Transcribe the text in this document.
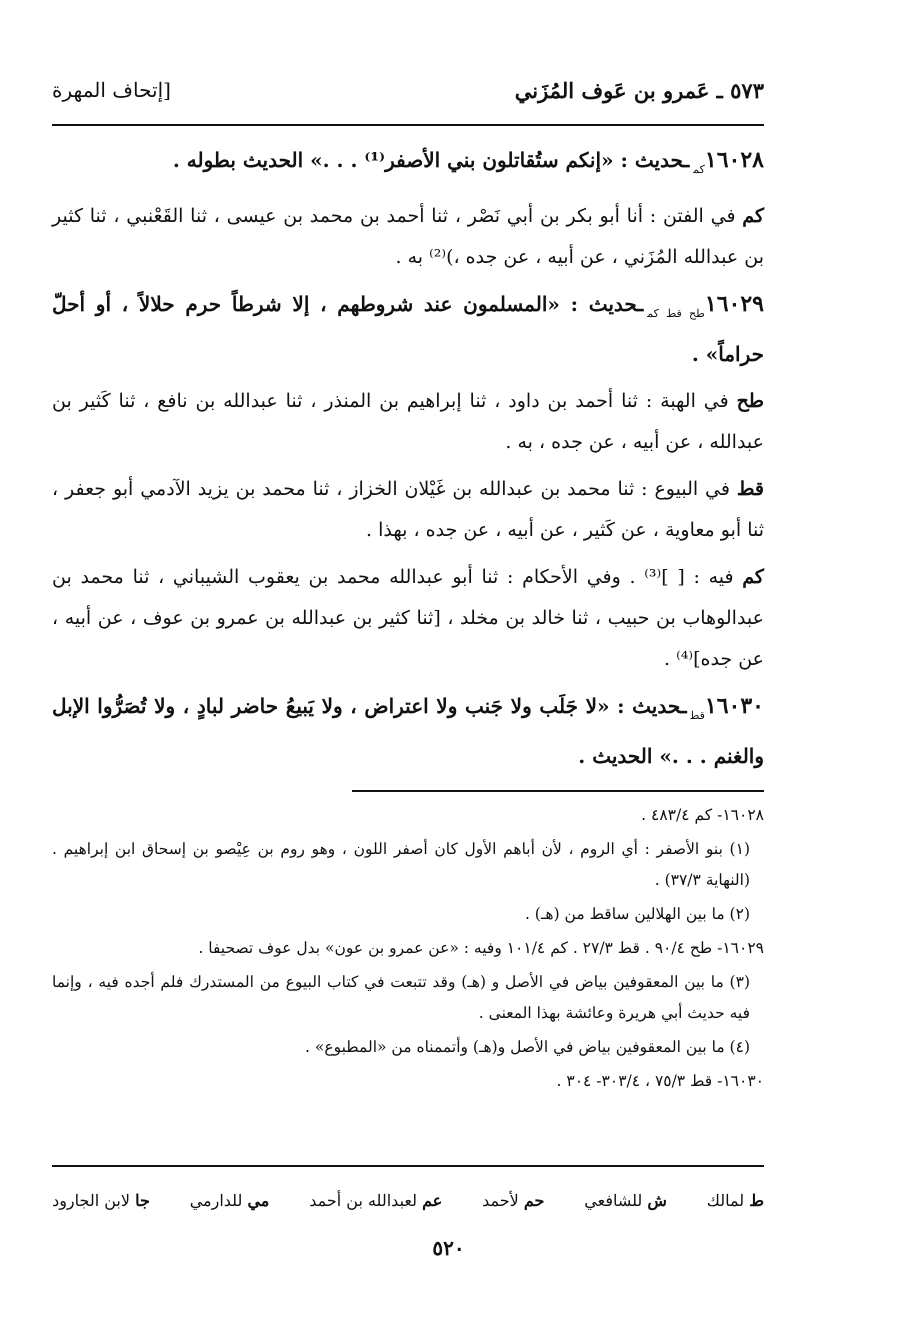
٥٧٣ ـ عَمرو بن عَوف المُزَني
[إتحاف المهرة

$١٦٠٢٨_{كم}ـحديث$ : «إنكم ستُقاتلون بني الأصفر⁽¹⁾ . . .» الحديث بطوله .

كم في الفتن : أنا أبو بكر بن أبي نَصْر ، ثنا أحمد بن محمد بن عيسى ، ثنا القَعْنبي ، ثنا كثير بن عبدالله المُزَني ، عن أبيه ، عن جده ،)⁽²⁾ به .

$١٦٠٢٩_{طح قط كم}ـحديث$ : «المسلمون عند شروطهم ، إلا شرطاً حرم حلالاً ، أو أحلّ حراماً» .

طح في الهبة : ثنا أحمد بن داود ، ثنا إبراهيم بن المنذر ، ثنا عبدالله بن نافع ، ثنا كَثير بن عبدالله ، عن أبيه ، عن جده ، به .

قط في البيوع : ثنا محمد بن عبدالله بن غَيْلان الخزاز ، ثنا محمد بن يزيد الآدمي أبو جعفر ، ثنا أبو معاوية ، عن كَثير ، عن أبيه ، عن جده ، بهذا .

كم فيه : [ ]⁽³⁾ . وفي الأحكام : ثنا أبو عبدالله محمد بن يعقوب الشيباني ، ثنا محمد بن عبدالوهاب بن حبيب ، ثنا خالد بن مخلد ، [ثنا كثير بن عبدالله بن عمرو بن عوف ، عن أبيه ، عن جده]⁽⁴⁾ .

$١٦٠٣٠_{قط}ـحديث$ : «لا جَلَب ولا جَنب ولا اعتراض ، ولا يَبيعُ حاضر لبادٍ ، ولا تُصَرُّوا الإبل والغنم . . .» الحديث .

١٦٠٢٨- كم ٤٨٣/٤ .

(١) بنو الأصفر : أي الروم ، لأن أباهم الأول كان أصفر اللون ، وهو روم بن عِيْصو بن إسحاق ابن إبراهيم . (النهاية ٣٧/٣) .

(٢) ما بين الهلالين ساقط من (هـ) .

١٦٠٢٩- طح ٩٠/٤ . قط ٢٧/٣ . كم ١٠١/٤ وفيه : «عن عمرو بن عون» بدل عوف تصحيفا .

(٣) ما بين المعقوفين بياض في الأصل و (هـ) وقد تتبعت في كتاب البيوع من المستدرك فلم أجده فيه ، وإنما فيه حديث أبي هريرة وعائشة بهذا المعنى .

(٤) ما بين المعقوفين بياض في الأصل و(هـ) وأتممناه من «المطبوع» .

١٦٠٣٠- قط ٧٥/٣ ، ٣٠٣/٤- ٣٠٤ .

ط لمالك
ش للشافعي
حم لأحمد
عم لعبدالله بن أحمد
مي للدارمي
جا لابن الجارود
٥٢٠
